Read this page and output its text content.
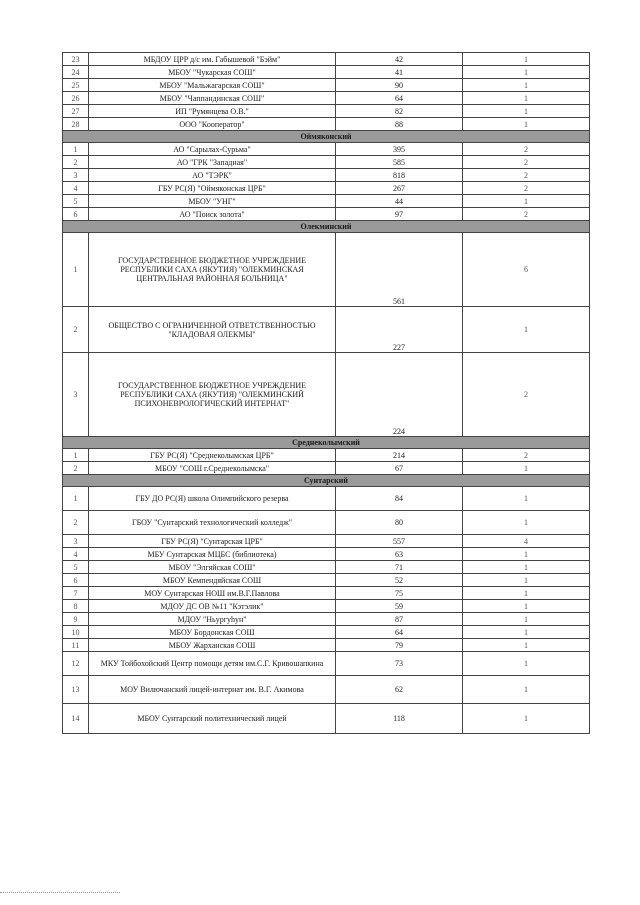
23	МБДОУ ЦРР д/с им. Габышевой "Бэйм"	42	1
24	МБОУ "Чукарская СОШ"	41	1
25	МБОУ "Мальжагарская СОШ"	90	1
26	МБОУ "Чаппандинская СОШ"	64	1
27	ИП "Румянцева О.В."	82	1
28	ООО "Кооператор"	88	1
Оймяконский			
1	АО "Сарылах-Сурьма"	395	2
2	АО "ГРК "Западная"	585	2
3	АО "ТЭРК"	818	2
4	ГБУ РС(Я) "Оймяконская ЦРБ"	267	2
5	МБОУ "УНГ"	44	1
6	АО "Поиск золота"	97	2
Олекминский			
1	ГОСУДАРСТВЕННОЕ БЮДЖЕТНОЕ УЧРЕЖДЕНИЕ РЕСПУБЛИКИ САХА (ЯКУТИЯ) "ОЛЕКМИНСКАЯ ЦЕНТРАЛЬНАЯ РАЙОННАЯ БОЛЬНИЦА"	561	6
2	ОБЩЕСТВО С ОГРАНИЧЕННОЙ ОТВЕТСТВЕННОСТЬЮ "КЛАДОВАЯ ОЛЕКМЫ"	227	1
3	ГОСУДАРСТВЕННОЕ БЮДЖЕТНОЕ УЧРЕЖДЕНИЕ РЕСПУБЛИКИ САХА (ЯКУТИЯ) "ОЛЕКМИНСКИЙ ПСИХОНЕВРОЛОГИЧЕСКИЙ ИНТЕРНАТ"	224	2
Среднеколымский			
1	ГБУ РС(Я) "Среднеколымская ЦРБ"	214	2
2	МБОУ "СОШ г.Среднеколымска"	67	1
Сунтарский			
1	ГБУ ДО РС(Я) школа Олимпийского резерва	84	1
2	ГБОУ "Сунтарский технологический колледж"	80	1
3	ГБУ РС(Я) "Сунтарская ЦРБ"	557	4
4	МБУ Сунтарская МЦБС (библиотека)	63	1
5	МБОУ "Элгяйская СОШ"	71	1
6	МБОУ Кемпендяйская СОШ	52	1
7	МОУ Сунтарская НОШ им.В.Г.Павлова	75	1
8	МДОУ ДС ОВ №11 "Кэтэлик"	59	1
9	МДОУ "Ньургуhун"	87	1
10	МБОУ Бордонская СОШ	64	1
11	МБОУ Жарханская СОШ	79	1
12	МКУ Тойбохойский Центр помощи детям им.С.Г. Кривошапкина	73	1
13	МОУ Вилючанский лицей-интернат им. В.Г. Акимова	62	1
14	МБОУ Сунтарский политехнический лицей	118	1
